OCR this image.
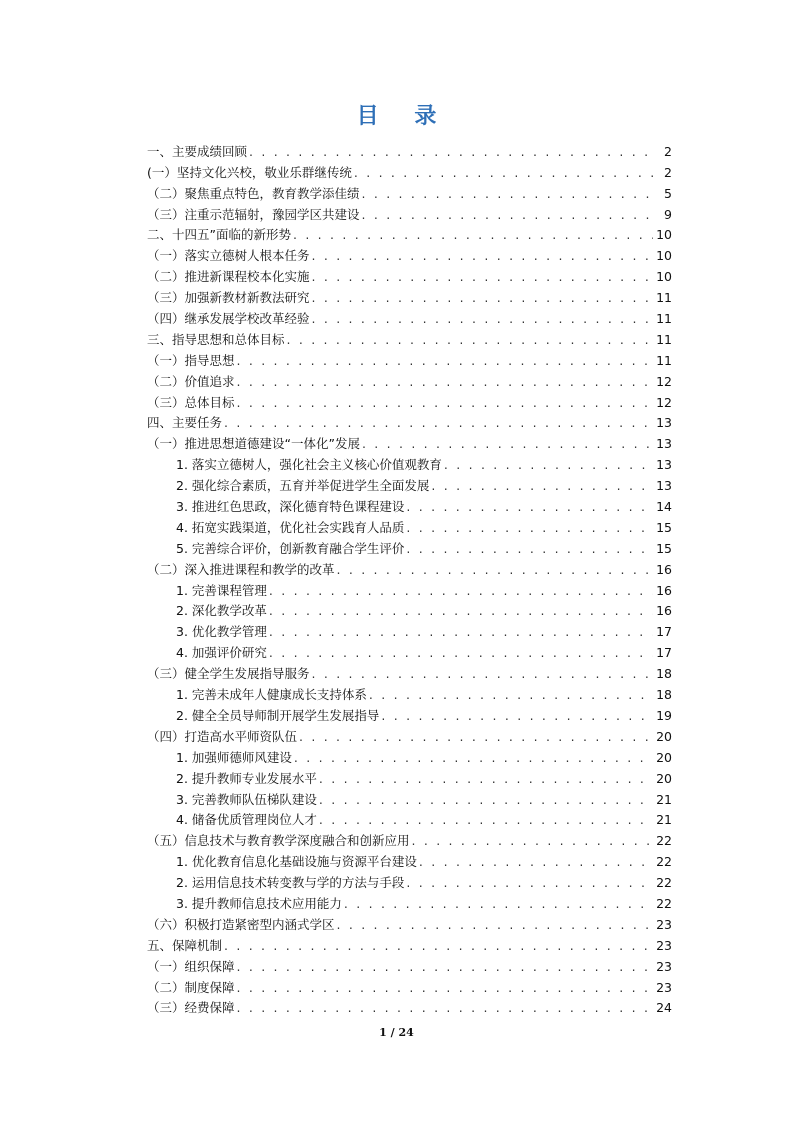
目 录
一、主要成绩回顾 . . .	2
(一）坚持文化兴校，敬业乐群继传统 . . .	2
（二）聚焦重点特色，教育教学添佳绩 . . .	5
（三）注重示范辐射，豫园学区共建设 . . .	9
二、十四五”面临的新形势 . . .	10
（一）落实立德树人根本任务 . . .	10
（二）推进新课程校本化实施 . . .	10
（三）加强新教材新教法研究 . . .	11
（四）继承发展学校改革经验 . . .	11
三、指导思想和总体目标 . . .	11
（一）指导思想 . . .	11
（二）价值追求 . . .	12
（三）总体目标 . . .	12
四、主要任务 . . .	13
（一）推进思想道德建设“一体化”发展 . . .	13
1. 落实立德树人，强化社会主义核心价值观教育 . . .	13
2. 强化综合素质，五育并举促进学生全面发展 . . .	13
3. 推进红色思政，深化德育特色课程建设 . . .	14
4. 拓宽实践渠道，优化社会实践育人品质 . . .	15
5. 完善综合评价，创新教育融合学生评价 . . .	15
（二）深入推进课程和教学的改革 . . .	16
1. 完善课程管理 . . .	16
2. 深化教学改革 . . .	16
3. 优化教学管理 . . .	17
4. 加强评价研究 . . .	17
（三）健全学生发展指导服务 . . .	18
1. 完善未成年人健康成长支持体系 . . .	18
2. 健全全员导师制开展学生发展指导 . . .	19
（四）打造高水平师资队伍 . . .	20
1. 加强师德师风建设 . . .	20
2. 提升教师专业发展水平 . . .	20
3. 完善教师队伍梯队建设 . . .	21
4. 储备优质管理岗位人才 . . .	21
（五）信息技术与教育教学深度融合和创新应用 . . .	22
1. 优化教育信息化基础设施与资源平台建设 . . .	22
2. 运用信息技术转变教与学的方法与手段 . . .	22
3. 提升教师信息技术应用能力 . . .	22
（六）积极打造紧密型内涵式学区 . . .	23
五、保障机制 . . .	23
（一）组织保障 . . .	23
（二）制度保障 . . .	23
（三）经费保障 . . .	24
1 / 24
